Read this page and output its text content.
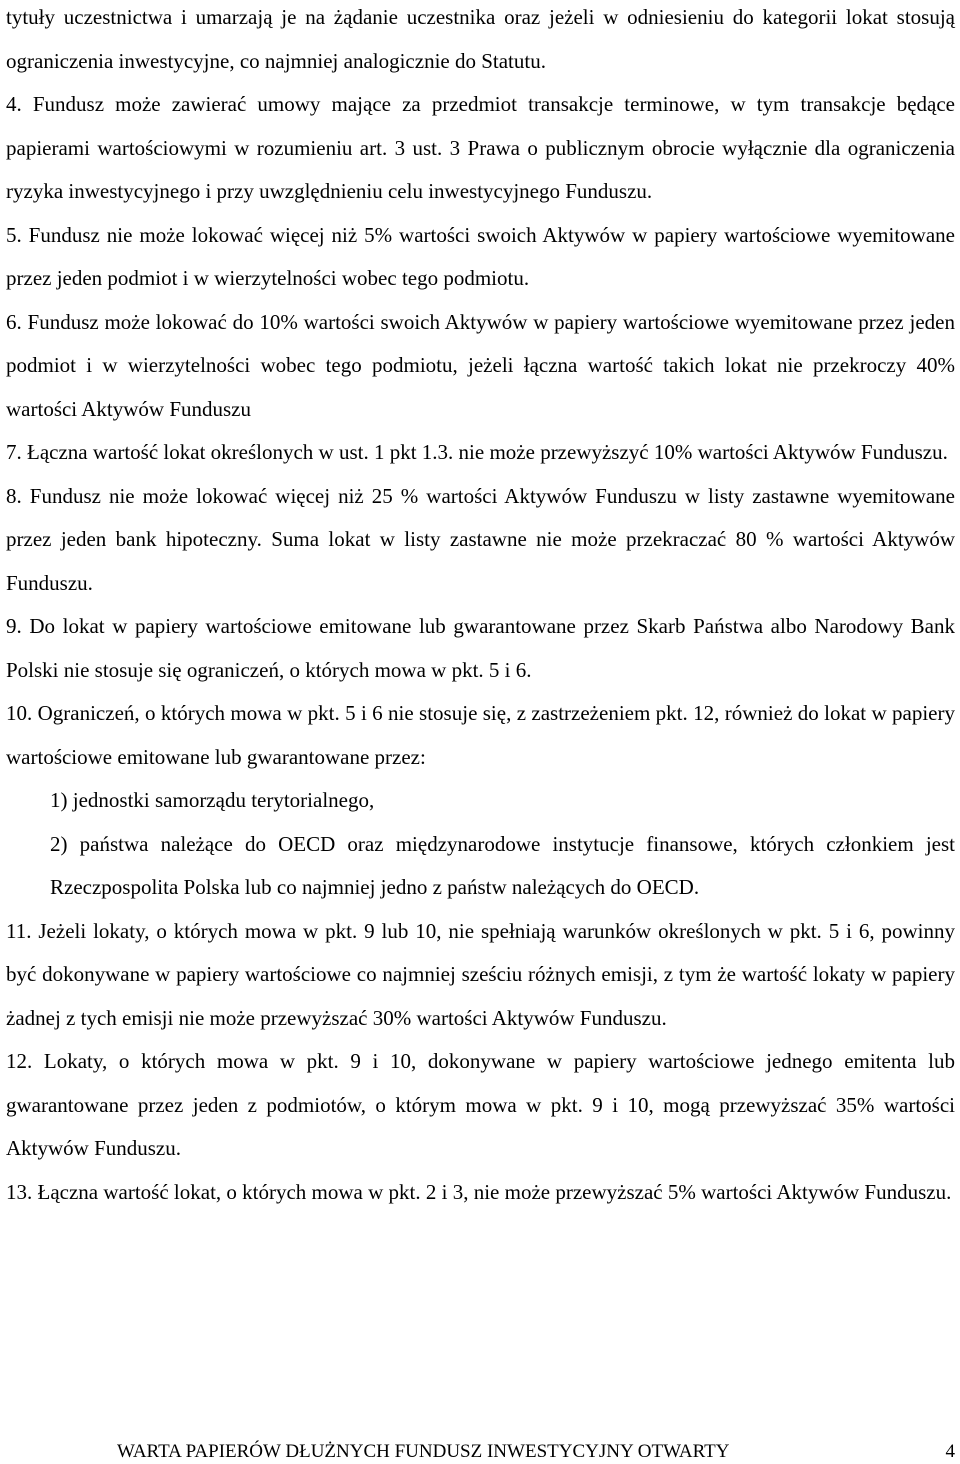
tytuły uczestnictwa i umarzają je na żądanie uczestnika oraz jeżeli w odniesieniu do kategorii lokat stosują ograniczenia inwestycyjne, co najmniej analogicznie do Statutu.

4. Fundusz może zawierać umowy mające za przedmiot transakcje terminowe, w tym transakcje będące papierami wartościowymi w rozumieniu art. 3 ust. 3 Prawa o publicznym obrocie wyłącznie dla ograniczenia ryzyka inwestycyjnego i przy uwzględnieniu celu inwestycyjnego Funduszu.

5. Fundusz nie może lokować więcej niż 5% wartości swoich Aktywów w papiery wartościowe wyemitowane przez jeden podmiot i w wierzytelności wobec tego podmiotu.

6. Fundusz może lokować do 10% wartości swoich Aktywów w papiery wartościowe wyemitowane przez jeden podmiot i w wierzytelności wobec tego podmiotu, jeżeli łączna wartość takich lokat nie przekroczy 40% wartości Aktywów Funduszu

7. Łączna wartość lokat określonych w ust. 1 pkt 1.3. nie może przewyższyć 10% wartości Aktywów Funduszu.

8. Fundusz nie może lokować więcej niż 25 % wartości Aktywów Funduszu w listy zastawne wyemitowane przez jeden bank hipoteczny. Suma lokat w listy zastawne nie może przekraczać 80 % wartości Aktywów Funduszu.

9. Do lokat w papiery wartościowe emitowane lub gwarantowane przez Skarb Państwa albo Narodowy Bank Polski nie stosuje się ograniczeń, o których mowa w pkt. 5 i 6.

10. Ograniczeń, o których mowa w pkt. 5 i 6 nie stosuje się, z zastrzeżeniem pkt. 12, również do lokat w papiery wartościowe emitowane lub gwarantowane przez:

1) jednostki samorządu terytorialnego,

2) państwa należące do OECD oraz międzynarodowe instytucje finansowe, których członkiem jest Rzeczpospolita Polska lub co najmniej jedno z państw należących do OECD.

11. Jeżeli lokaty, o których mowa w pkt. 9 lub 10, nie spełniają warunków określonych w pkt. 5 i 6, powinny być dokonywane w papiery wartościowe co najmniej sześciu różnych emisji, z tym że wartość lokaty w papiery żadnej z tych emisji nie może przewyższać 30% wartości Aktywów Funduszu.

12. Lokaty, o których mowa w pkt. 9 i 10, dokonywane w papiery wartościowe jednego emitenta lub gwarantowane przez jeden z podmiotów, o którym mowa w pkt. 9 i 10, mogą przewyższać 35% wartości Aktywów Funduszu.

13. Łączna wartość lokat, o których mowa w pkt. 2 i 3, nie może przewyższać 5% wartości Aktywów Funduszu.

WARTA PAPIERÓW DŁUŻNYCH FUNDUSZ INWESTYCYJNY OTWARTY	4
